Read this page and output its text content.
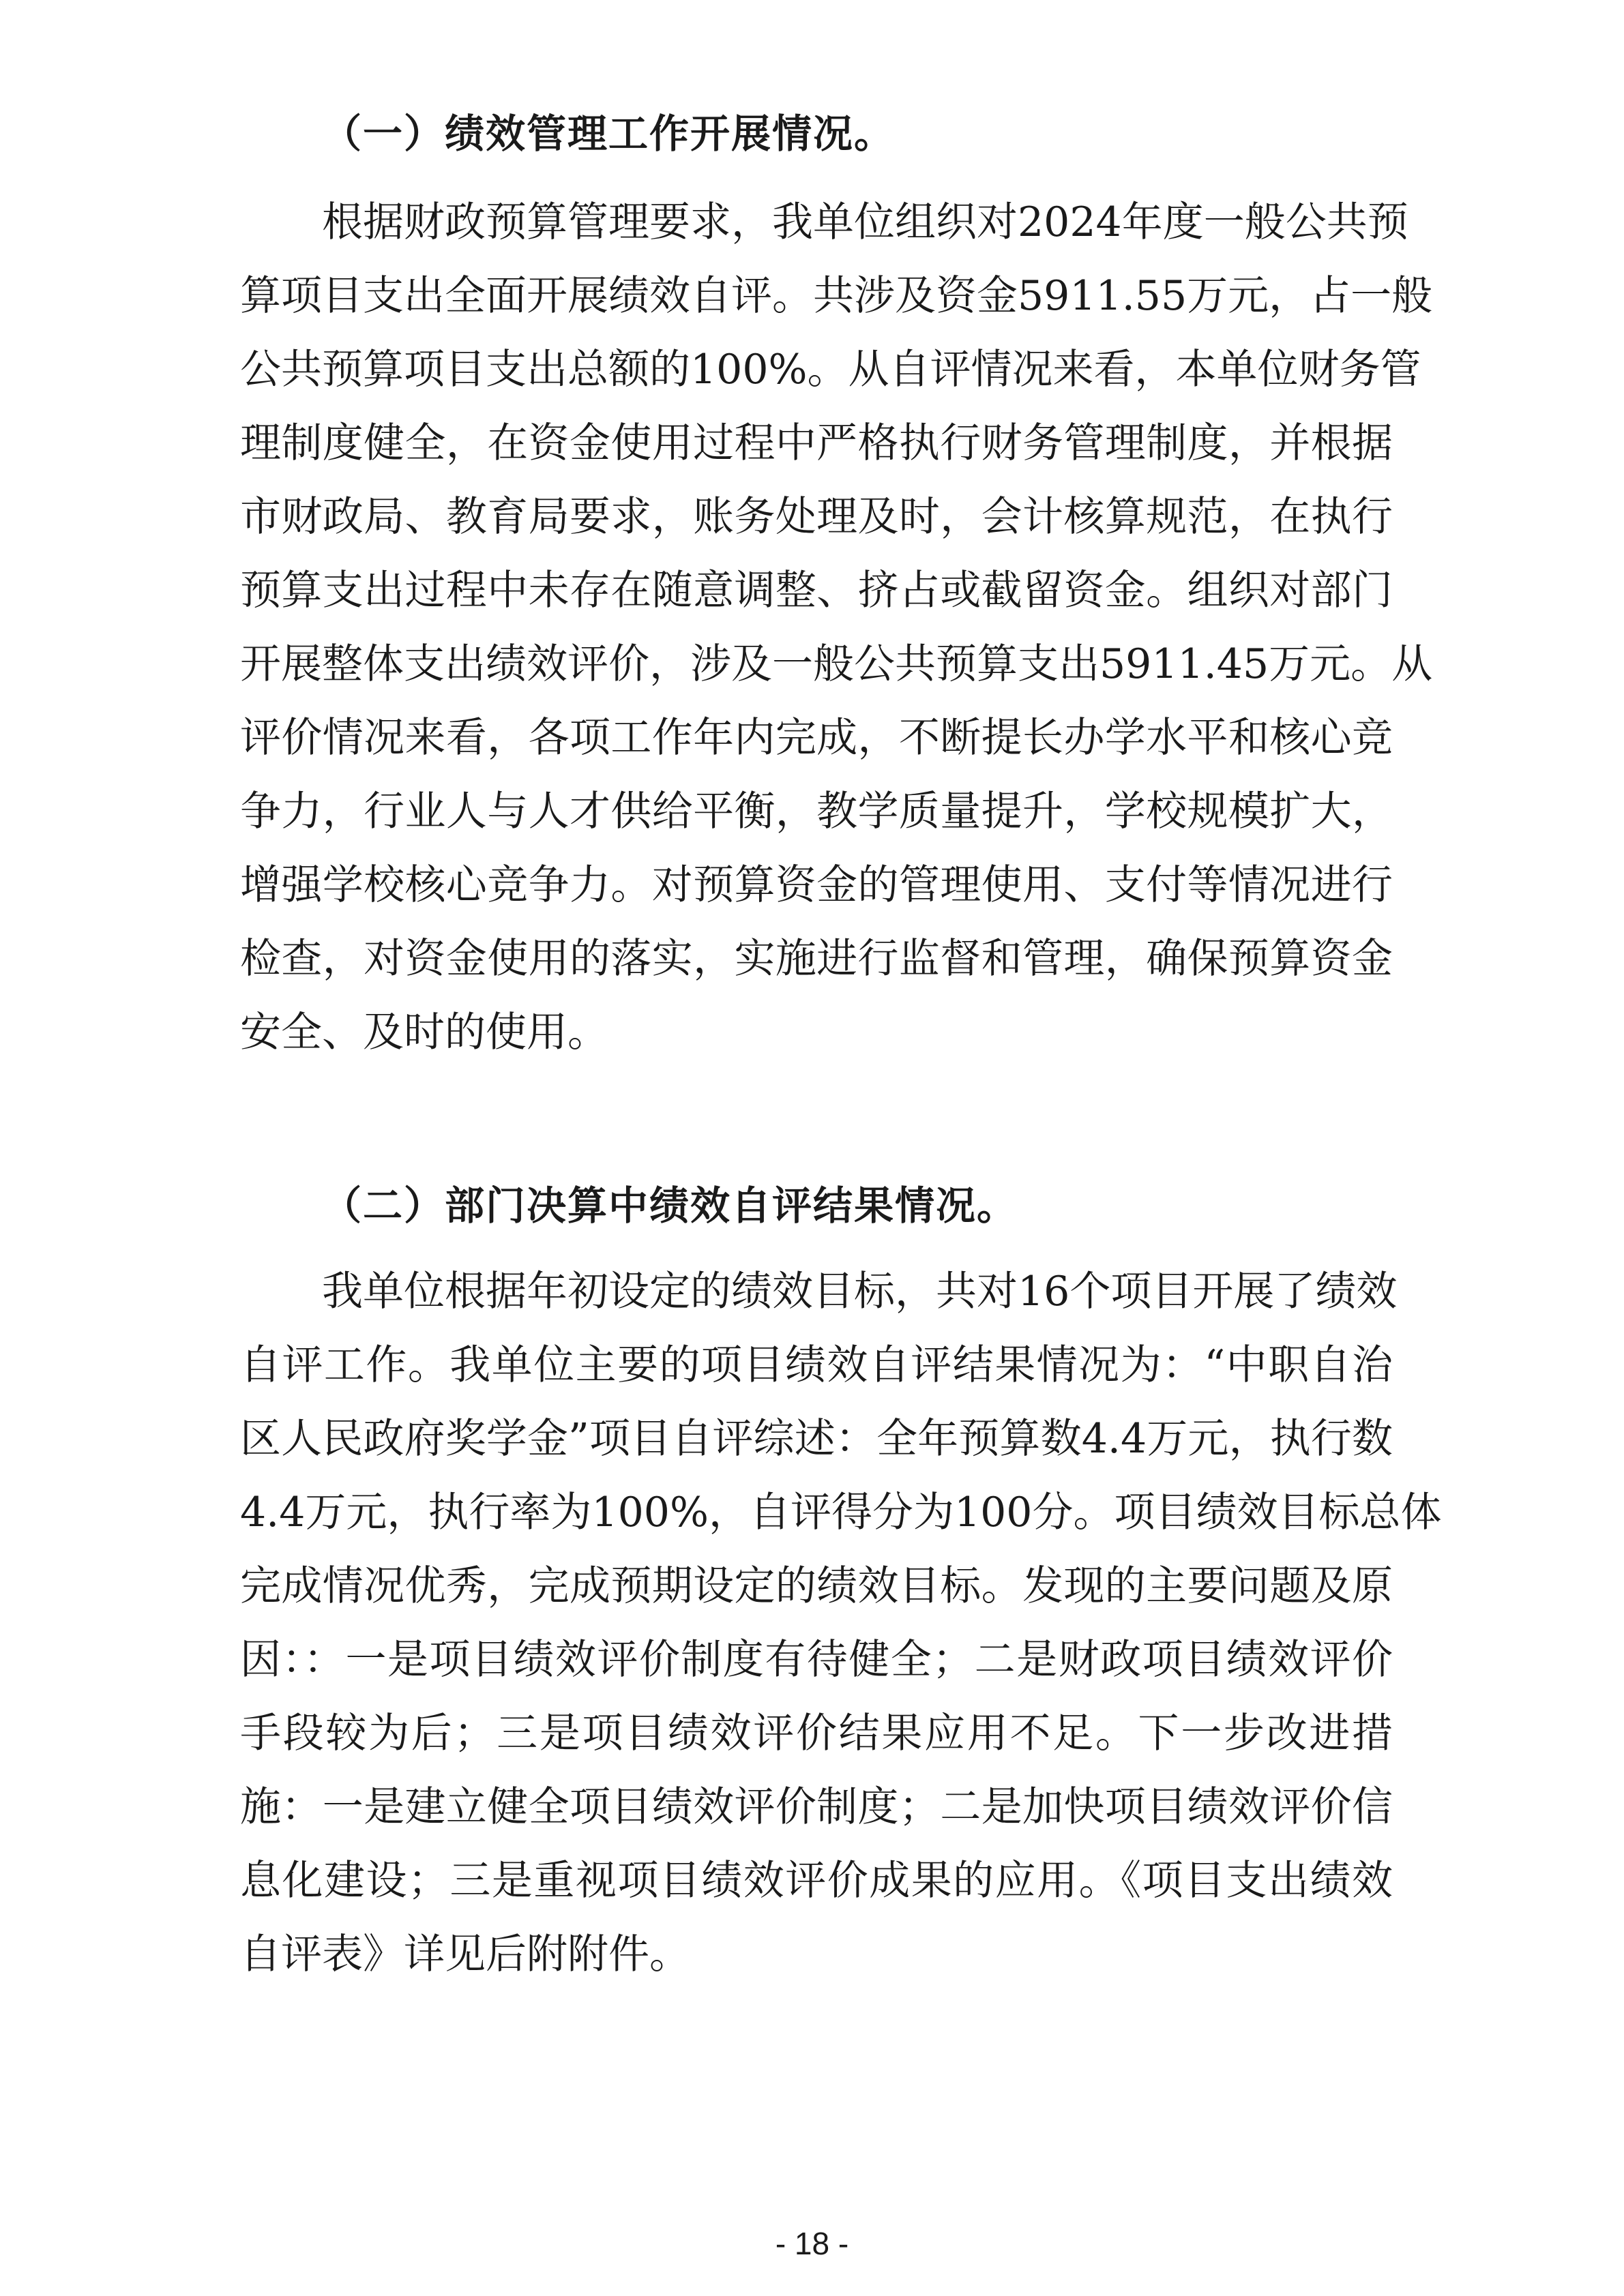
（一）绩效管理工作开展情况。
根据财政预算管理要求，我单位组织对2024年度一般公共预
算项目支出全面开展绩效自评。共涉及资金5911.55万元，占一般
公共预算项目支出总额的100%。从自评情况来看，本单位财务管
理制度健全，在资金使用过程中严格执行财务管理制度，并根据
市财政局、教育局要求，账务处理及时，会计核算规范，在执行
预算支出过程中未存在随意调整、挤占或截留资金。组织对部门
开展整体支出绩效评价，涉及一般公共预算支出5911.45万元。从
评价情况来看，各项工作年内完成，不断提长办学水平和核心竞
争力，行业人与人才供给平衡，教学质量提升，学校规模扩大，
增强学校核心竞争力。对预算资金的管理使用、支付等情况进行
检查，对资金使用的落实，实施进行监督和管理，确保预算资金
安全、及时的使用。
（二）部门决算中绩效自评结果情况。
我单位根据年初设定的绩效目标，共对16个项目开展了绩效
自评工作。我单位主要的项目绩效自评结果情况为：“中职自治
区人民政府奖学金”项目自评综述：全年预算数4.4万元，执行数
4.4万元，执行率为100%，自评得分为100分。项目绩效目标总体
完成情况优秀，完成预期设定的绩效目标。发现的主要问题及原
因：：一是项目绩效评价制度有待健全；二是财政项目绩效评价
手段较为后；三是项目绩效评价结果应用不足。下一步改进措
施：一是建立健全项目绩效评价制度；二是加快项目绩效评价信
息化建设；三是重视项目绩效评价成果的应用。《项目支出绩效
自评表》详见后附附件。
- 18 -
